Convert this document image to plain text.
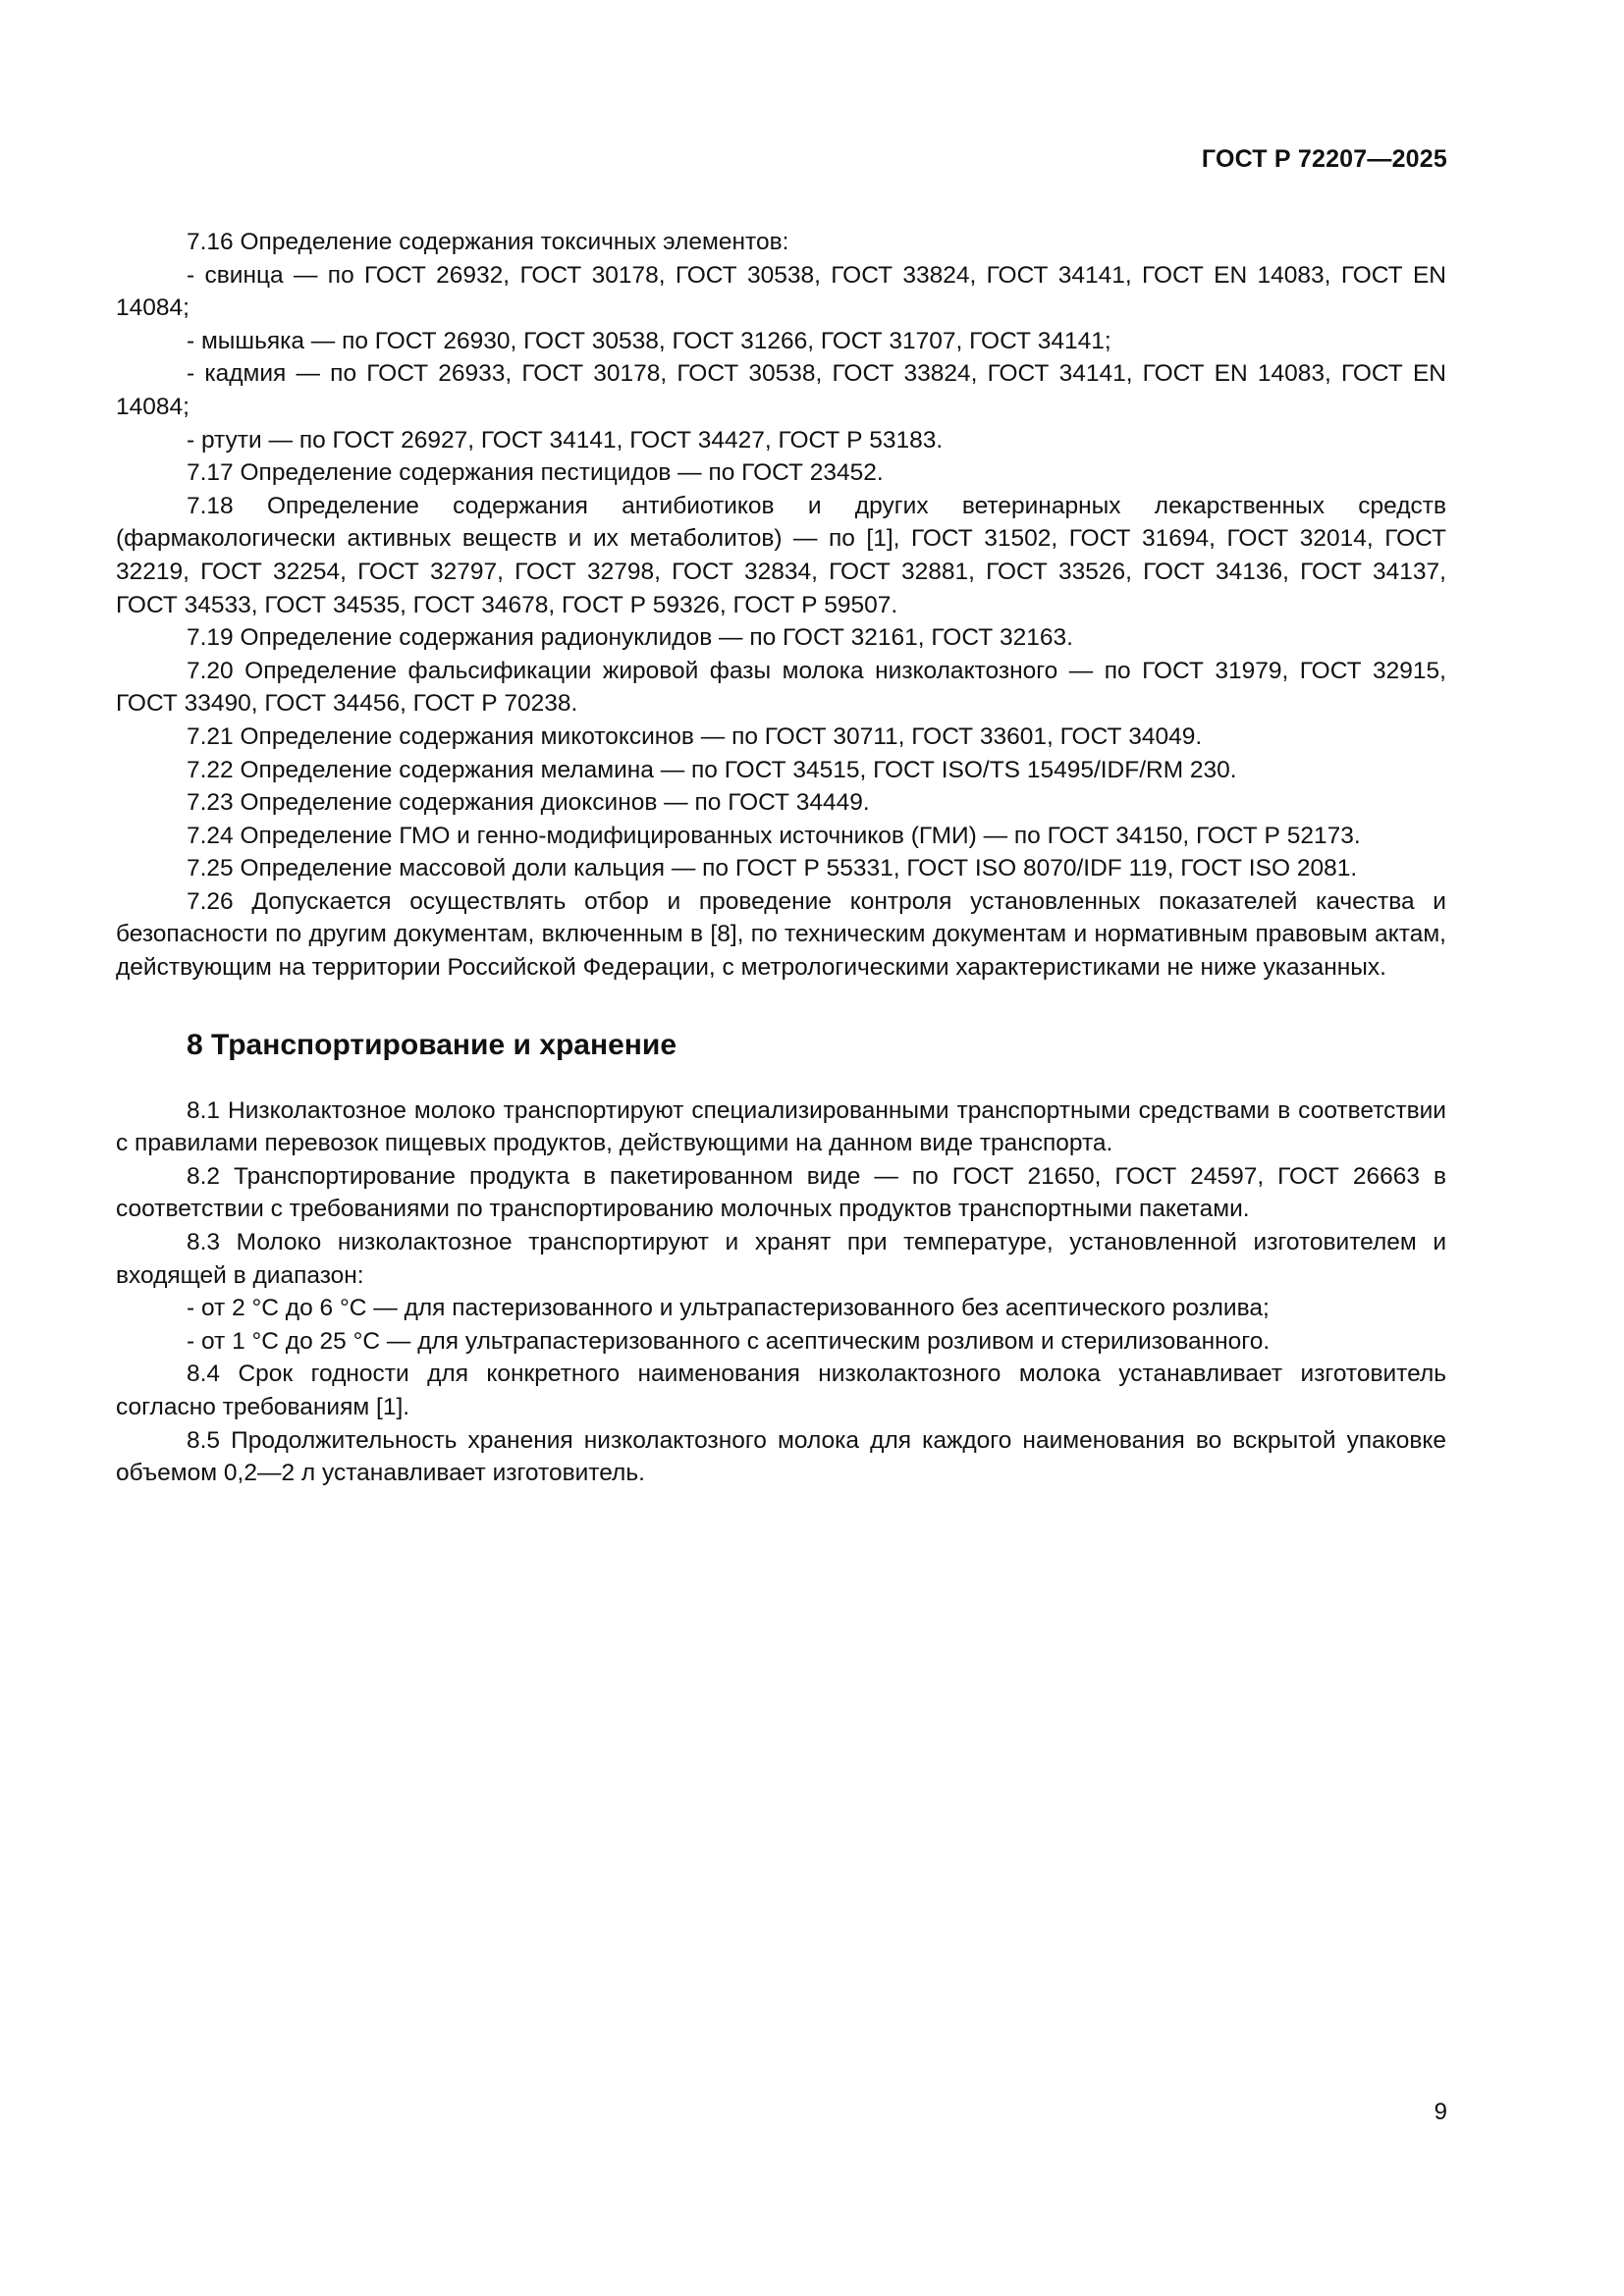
ГОСТ Р 72207—2025

7.16 Определение содержания токсичных элементов:

- свинца — по ГОСТ 26932, ГОСТ 30178, ГОСТ 30538, ГОСТ 33824, ГОСТ 34141, ГОСТ EN 14083, ГОСТ EN 14084;

- мышьяка — по ГОСТ 26930, ГОСТ 30538, ГОСТ 31266, ГОСТ 31707, ГОСТ 34141;

- кадмия — по ГОСТ 26933, ГОСТ 30178, ГОСТ 30538, ГОСТ 33824, ГОСТ 34141, ГОСТ EN 14083, ГОСТ EN 14084;

- ртути — по ГОСТ 26927, ГОСТ 34141, ГОСТ 34427, ГОСТ Р 53183.

7.17 Определение содержания пестицидов — по ГОСТ 23452.

7.18 Определение содержания антибиотиков и других ветеринарных лекарственных средств (фармакологически активных веществ и их метаболитов) — по [1], ГОСТ 31502, ГОСТ 31694, ГОСТ 32014, ГОСТ 32219, ГОСТ 32254, ГОСТ 32797, ГОСТ 32798, ГОСТ 32834, ГОСТ 32881, ГОСТ 33526, ГОСТ 34136, ГОСТ 34137, ГОСТ 34533, ГОСТ 34535, ГОСТ 34678, ГОСТ Р 59326, ГОСТ Р 59507.

7.19 Определение содержания радионуклидов — по ГОСТ 32161, ГОСТ 32163.

7.20 Определение фальсификации жировой фазы молока низколактозного — по ГОСТ 31979, ГОСТ 32915, ГОСТ 33490, ГОСТ 34456, ГОСТ Р 70238.

7.21 Определение содержания микотоксинов — по ГОСТ 30711, ГОСТ 33601, ГОСТ 34049.

7.22 Определение содержания меламина — по ГОСТ 34515, ГОСТ ISO/TS 15495/IDF/RM 230.

7.23 Определение содержания диоксинов — по ГОСТ 34449.

7.24 Определение ГМО и генно-модифицированных источников (ГМИ) — по ГОСТ 34150, ГОСТ Р 52173.

7.25 Определение массовой доли кальция — по ГОСТ Р 55331, ГОСТ ISO 8070/IDF 119, ГОСТ ISO 2081.

7.26 Допускается осуществлять отбор и проведение контроля установленных показателей качества и безопасности по другим документам, включенным в [8], по техническим документам и нормативным правовым актам, действующим на территории Российской Федерации, с метрологическими характеристиками не ниже указанных.

8 Транспортирование и хранение

8.1 Низколактозное молоко транспортируют специализированными транспортными средствами в соответствии с правилами перевозок пищевых продуктов, действующими на данном виде транспорта.

8.2 Транспортирование продукта в пакетированном виде — по ГОСТ 21650, ГОСТ 24597, ГОСТ 26663 в соответствии с требованиями по транспортированию молочных продуктов транспортными пакетами.

8.3 Молоко низколактозное транспортируют и хранят при температуре, установленной изготовителем и входящей в диапазон:

- от 2 °С до 6 °С — для пастеризованного и ультрапастеризованного без асептического розлива;

- от 1 °С до 25 °С — для ультрапастеризованного с асептическим розливом и стерилизованного.

8.4 Срок годности для конкретного наименования низколактозного молока устанавливает изготовитель согласно требованиям [1].

8.5 Продолжительность хранения низколактозного молока для каждого наименования во вскрытой упаковке объемом 0,2—2 л устанавливает изготовитель.

9
